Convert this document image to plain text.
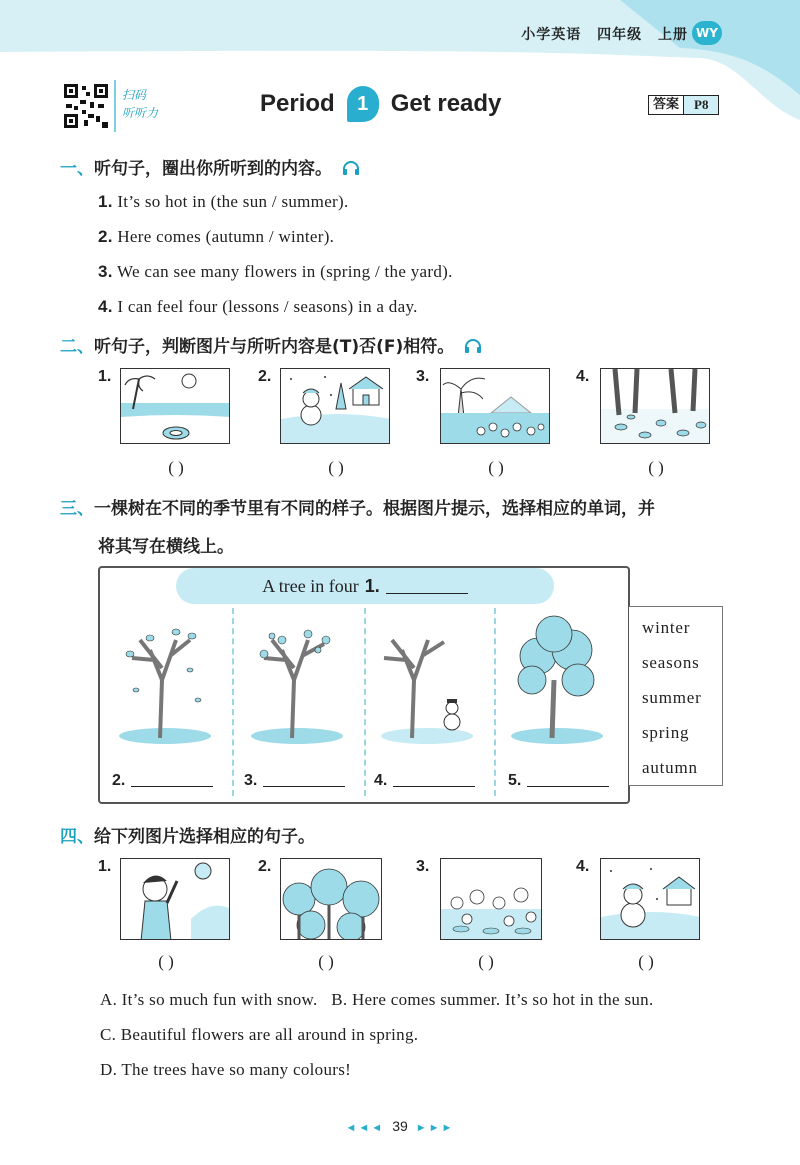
小学英语 四年级 上册 WY
扫码
听听力	Period	1 Get ready	答案	P8
一、听句子，圈出你所听到的内容。
1. It’s so hot in (the sun / summer).
2. Here comes (autumn / winter).
3. We can see many flowers in (spring / the yard).
4. I can feel four (lessons / seasons) in a day.
二、听句子，判断图片与所听内容是(T)否(F)相符。
1.
( )
2.
( )
3.
( )
4.
( )
三、一棵树在不同的季节里有不同的样子。根据图片提示，选择相应的单词，并
将其写在横线上。
A tree in four 1.
2.	3.	4.	5.
winter
seasons
summer
spring
autumn
四、给下列图片选择相应的句子。
1.
( )
2.
( )
3.
( )
4.
( )
A. It’s so much fun with snow.   B. Here comes summer. It’s so hot in the sun.
C. Beautiful flowers are all around in spring.
D. The trees have so many colours!
◄◄◄ 39 ►►►
